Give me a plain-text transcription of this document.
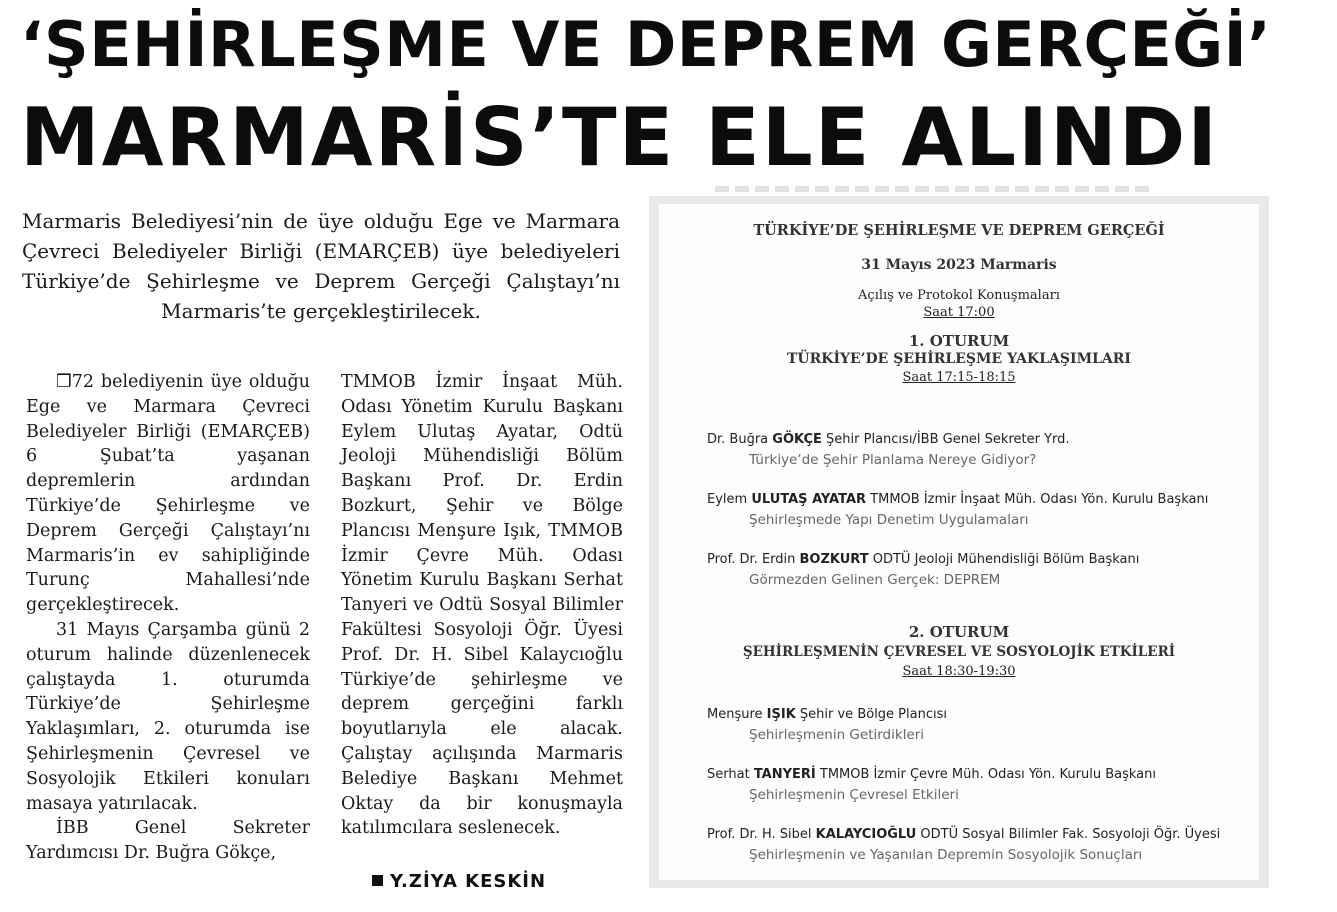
‘ŞEHİRLEŞME VE DEPREM GERÇEĞİ’
MARMARİS’TE ELE ALINDI
Marmaris Belediyesi’nin de üye olduğu Ege ve Marmara Çevreci Belediyeler Birliği (EMARÇEB) üye belediyeleri Türkiye’de Şehirleşme ve Deprem Gerçeği Çalıştayı’nı Marmaris’te gerçekleştirilecek.

❒72 belediyenin üye olduğu Ege ve Marmara Çevreci Belediyeler Birliği (EMARÇEB) 6 Şubat’ta yaşanan depremlerin ardından Türkiye’de Şehirleşme ve Deprem Gerçeği Çalıştayı’nı Marmaris’in ev sahipliğinde Turunç Mahallesi’nde gerçekleştirecek.

31 Mayıs Çarşamba günü 2 oturum halinde düzenlenecek çalıştayda 1. oturumda Türkiye’de Şehirleşme Yaklaşımları, 2. oturumda ise Şehirleşmenin Çevresel ve Sosyolojik Etkileri konuları masaya yatırılacak.

İBB Genel Sekreter Yardımcısı Dr. Buğra Gökçe,

TMMOB İzmir İnşaat Müh. Odası Yönetim Kurulu Başkanı Eylem Ulutaş Ayatar, Odtü Jeoloji Mühendisliği Bölüm Başkanı Prof. Dr. Erdin Bozkurt, Şehir ve Bölge Plancısı Menşure Işık, TMMOB İzmir Çevre Müh. Odası Yönetim Kurulu Başkanı Serhat Tanyeri ve Odtü Sosyal Bilimler Fakültesi Sosyoloji Öğr. Üyesi Prof. Dr. H. Sibel Kalaycıoğlu Türkiye’de şehirleşme ve deprem gerçeğini farklı boyutlarıyla ele alacak. Çalıştay açılışında Marmaris Belediye Başkanı Mehmet Oktay da bir konuşmayla katılımcılara seslenecek.

Y.ZİYA KESKİN
TÜRKİYE’DE ŞEHİRLEŞME VE DEPREM GERÇEĞİ
31 Mayıs 2023 Marmaris
Açılış ve Protokol Konuşmaları
Saat 17:00
1. OTURUM
TÜRKİYE’DE ŞEHİRLEŞME YAKLAŞIMLARI
Saat 17:15-18:15
Dr. Buğra GÖKÇE Şehir Plancısı/İBB Genel Sekreter Yrd.
Türkiye’de Şehir Planlama Nereye Gidiyor?
Eylem ULUTAŞ AYATAR TMMOB İzmir İnşaat Müh. Odası Yön. Kurulu Başkanı
Şehirleşmede Yapı Denetim Uygulamaları
Prof. Dr. Erdin BOZKURT ODTÜ Jeoloji Mühendisliği Bölüm Başkanı
Görmezden Gelinen Gerçek: DEPREM
2. OTURUM
ŞEHİRLEŞMENİN ÇEVRESEL VE SOSYOLOJİK ETKİLERİ
Saat 18:30-19:30
Menşure IŞIK Şehir ve Bölge Plancısı
Şehirleşmenin Getirdikleri
Serhat TANYERİ TMMOB İzmir Çevre Müh. Odası Yön. Kurulu Başkanı
Şehirleşmenin Çevresel Etkileri
Prof. Dr. H. Sibel KALAYCIOĞLU ODTÜ Sosyal Bilimler Fak. Sosyoloji Öğr. Üyesi
Şehirleşmenin ve Yaşanılan Depremin Sosyolojik Sonuçları
